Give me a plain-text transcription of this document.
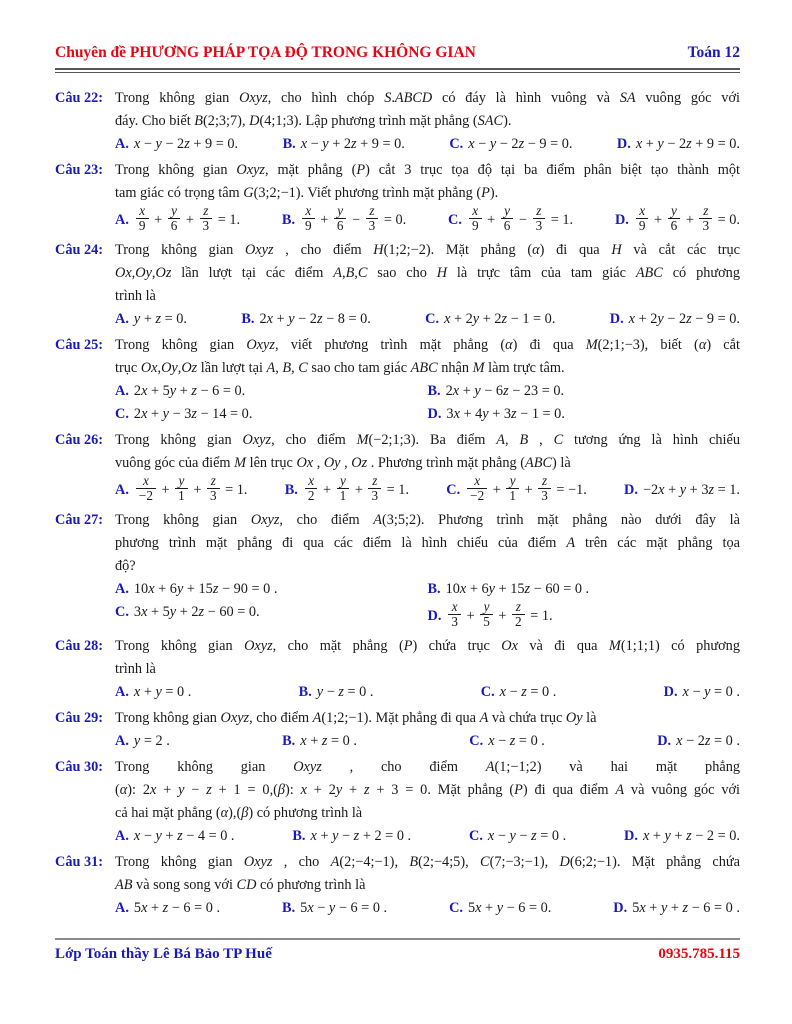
Chuyên đề PHƯƠNG PHÁP TỌA ĐỘ TRONG KHÔNG GIAN	Toán 12
Câu 22: Trong không gian Oxyz, cho hình chóp S.ABCD có đáy là hình vuông và SA vuông góc với
đáy. Cho biết B(2;3;7), D(4;1;3). Lập phương trình mặt phẳng (SAC).
A. x − y − 2z + 9 = 0.	B. x − y + 2z + 9 = 0.	C. x − y − 2z − 9 = 0.	D. x + y − 2z + 9 = 0.
Câu 23: Trong không gian Oxyz, mặt phẳng (P) cắt 3 trục tọa độ tại ba điểm phân biệt tạo thành một
tam giác có trọng tâm G(3;2;−1). Viết phương trình mặt phẳng (P).
A. $\frac{x}{9} + \frac{y}{6} + \frac{z}{3} = 1$.	B. $\frac{x}{9} + \frac{y}{6} - \frac{z}{3} = 0$.	C. $\frac{x}{9} + \frac{y}{6} - \frac{z}{3} = 1$.	D. $\frac{x}{9} + \frac{y}{6} + \frac{z}{3} = 0$.
Câu 24: Trong không gian Oxyz , cho điểm H(1;2;−2). Mặt phẳng (α) đi qua H và cắt các trục
Ox,Oy,Oz lần lượt tại các điểm A,B,C sao cho H là trực tâm của tam giác ABC có phương
trình là
A. y + z = 0.	B. 2x + y − 2z − 8 = 0.	C. x + 2y + 2z − 1 = 0.	D. x + 2y − 2z − 9 = 0.
Câu 25: Trong không gian Oxyz, viết phương trình mặt phẳng (α) đi qua M(2;1;−3), biết (α) cắt
trục Ox,Oy,Oz lần lượt tại A, B, C sao cho tam giác ABC nhận M làm trực tâm.
A. 2x + 5y + z − 6 = 0.	B. 2x + y − 6z − 23 = 0.
C. 2x + y − 3z − 14 = 0.	D. 3x + 4y + 3z − 1 = 0.
Câu 26: Trong không gian Oxyz, cho điểm M(−2;1;3). Ba điểm A, B , C tương ứng là hình chiếu
vuông góc của điểm M lên trục Ox , Oy , Oz . Phương trình mặt phẳng (ABC) là
A. $\frac{x}{-2} + \frac{y}{1} + \frac{z}{3} = 1$.	B. $\frac{x}{2} + \frac{y}{1} + \frac{z}{3} = 1$.	C. $\frac{x}{-2} + \frac{y}{1} + \frac{z}{3} = -1$.	D. −2x + y + 3z = 1.
Câu 27: Trong không gian Oxyz, cho điểm A(3;5;2). Phương trình mặt phẳng nào dưới đây là
phương trình mặt phẳng đi qua các điểm là hình chiếu của điểm A trên các mặt phẳng tọa
độ?
A. 10x + 6y + 15z − 90 = 0 .	B. 10x + 6y + 15z − 60 = 0 .
C. 3x + 5y + 2z − 60 = 0.	D. $\frac{x}{3} + \frac{y}{5} + \frac{z}{2} = 1$.
Câu 28: Trong không gian Oxyz, cho mặt phẳng (P) chứa trục Ox và đi qua M(1;1;1) có phương
trình là
A. x + y = 0 .	B. y − z = 0 .	C. x − z = 0 .	D. x − y = 0 .
Câu 29: Trong không gian Oxyz, cho điểm A(1;2;−1). Mặt phẳng đi qua A và chứa trục Oy là
A. y = 2 .	B. x + z = 0 .	C. x − z = 0 .	D. x − 2z = 0 .
Câu 30: Trong không gian Oxyz , cho điểm A(1;−1;2) và hai mặt phẳng
(α): 2x + y − z + 1 = 0,(β): x + 2y + z + 3 = 0. Mặt phẳng (P) đi qua điểm A và vuông góc với
cả hai mặt phẳng (α),(β) có phương trình là
A. x − y + z − 4 = 0 .	B. x + y − z + 2 = 0 .	C. x − y − z = 0 .	D. x + y + z − 2 = 0.
Câu 31: Trong không gian Oxyz , cho A(2;−4;−1), B(2;−4;5), C(7;−3;−1), D(6;2;−1). Mặt phẳng chứa
AB và song song với CD có phương trình là
A. 5x + z − 6 = 0 .	B. 5x − y − 6 = 0 .	C. 5x + y − 6 = 0.	D. 5x + y + z − 6 = 0 .
Lớp Toán thầy Lê Bá Bảo TP Huế	0935.785.115
